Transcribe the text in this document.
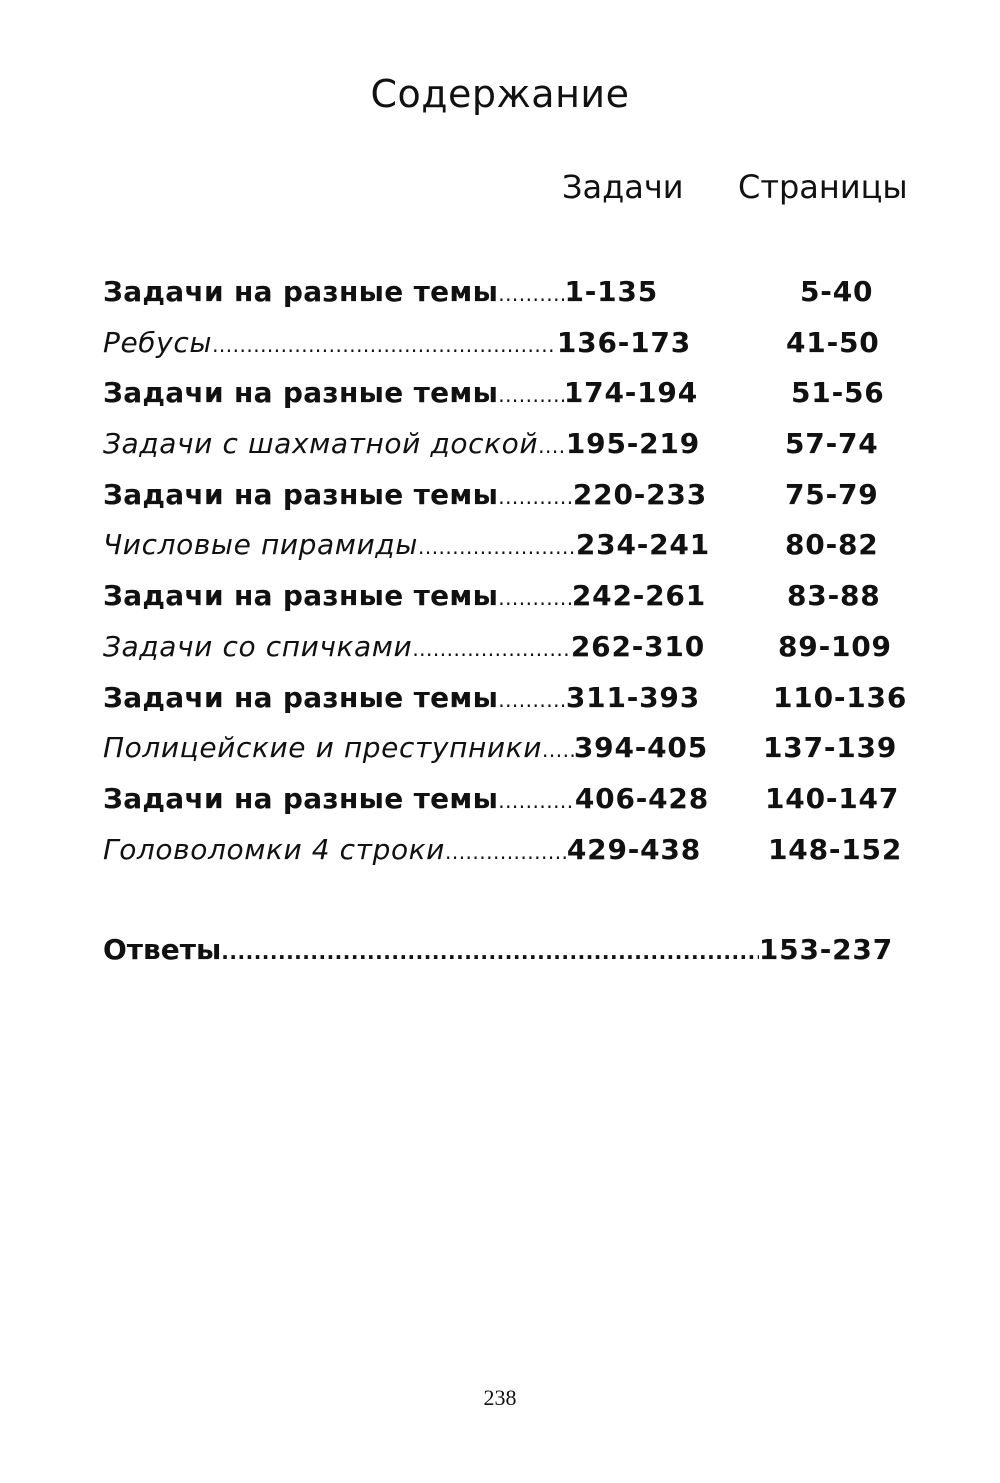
Содержание
Задачи Страницы
Задачи на разные темы ..... 1-135	5-40
Ребусы .....	136-173	41-50
Задачи на разные темы ..... 174-194	51-56
Задачи с шахматной доской ..... 195-219	57-74
Задачи на разные темы .....	220-233	75-79
Числовые пирамиды .....	234-241	80-82
Задачи на разные темы .....	242-261	83-88
Задачи со спичками .....	262-310	89-109
Задачи на разные темы ..... 311-393	110-136
Полицейские и преступники ..... 394-405 137-139
Задачи на разные темы .....	406-428 140-147
Головоломки 4 строки .....	429-438 148-152
Ответы .....	153-237
238
